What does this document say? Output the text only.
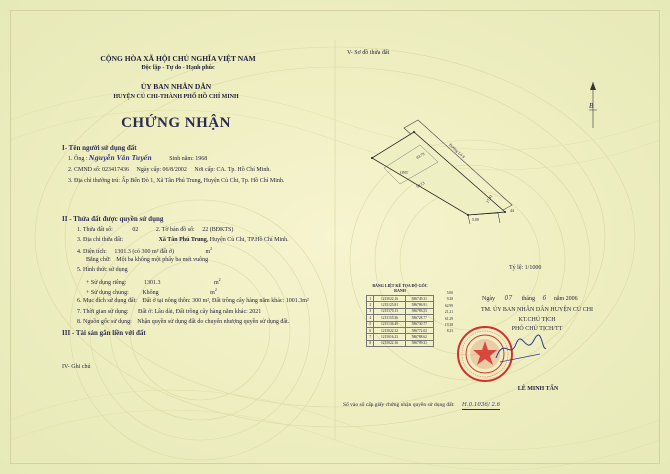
CỘNG HÒA XÃ HỘI CHỦ NGHĨA VIỆT NAM
Độc lập - Tự do - Hạnh phúc
ỦY BAN NHÂN DÂN
HUYỆN CỦ CHI-THÀNH PHỐ HỒ CHÍ MINH
CHỨNG NHẬN
I- Tên người sử dụng đất
1. Ông : Nguyễn Văn Tuyến	Sinh năm: 1968
2. CMND số: 023417436 Ngày cấp: 06/8/2002 Nơi cấp: CA. Tp. Hồ Chí Minh.
3. Địa chỉ thường trú: Ấp Bến Đò 1, Xã Tân Phú Trung, Huyện Củ Chi, Tp. Hồ Chí Minh.
II - Thửa đất được quyền sử dụng
1. Thửa đất số:	02	2. Tờ bản đồ số: 22 (BĐKTS)
3. Địa chỉ thửa đất:	Xã Tân Phú Trung, Huyện Củ Chi, TP.Hồ Chí Minh.
4. Diện tích: 1301.3 (có 300 m² đất ở)	$m^2$
Bằng chữ: Một ba không một phẩy ba mét vuông
5. Hình thức sử dụng
+ Sử dụng riêng:	1301.3	$m^2$
+ Sử dụng chung: Không	$m^2$
6. Mục đích sử dụng đất: Đất ở tại nông thôn: 300 m², Đất trồng cây hàng năm khác: 1001.3m²
7. Thời gian sử dụng: Đất ở: Lâu dài, Đất trồng cây hàng năm khác: 2021
8. Nguồn gốc sử dụng: Nhận quyền sử dụng đất do chuyển nhượng quyền sử dụng đất.
III - Tài sản gắn liền với đất
IV- Ghi chú
V- Sơ đồ thửa đất
B
Đường Lô 8
83.78
50.23
17.41
5.00
44
ONT
Tỷ lệ: 1/1000
BẢNG LIỆT KÊ TỌA ĐỘ GÓC RANH
1	1215022.16	586749.31
2	1215125.81	586786.91
3	1215170.13	586783.53
4	1215155.36	586728.77
5	1215136.49	586730.77
6	1215022.32	586772.02
7	1215016.23	586788.62
8	1215022.16	586799.31
5.00
9.28
62.99
21.21
61.29
19.38
8.23
Ngày 07 tháng 6 năm 2006
TM. ỦY BAN NHÂN DÂN HUYỆN CỦ CHI
KT.CHỦ TỊCH
PHÓ CHỦ TỊCH/TT
LÊ MINH TẤN
Số vào sổ cấp giấy chứng nhận quyền sử dụng đất: H.0.1036/ 2.6
